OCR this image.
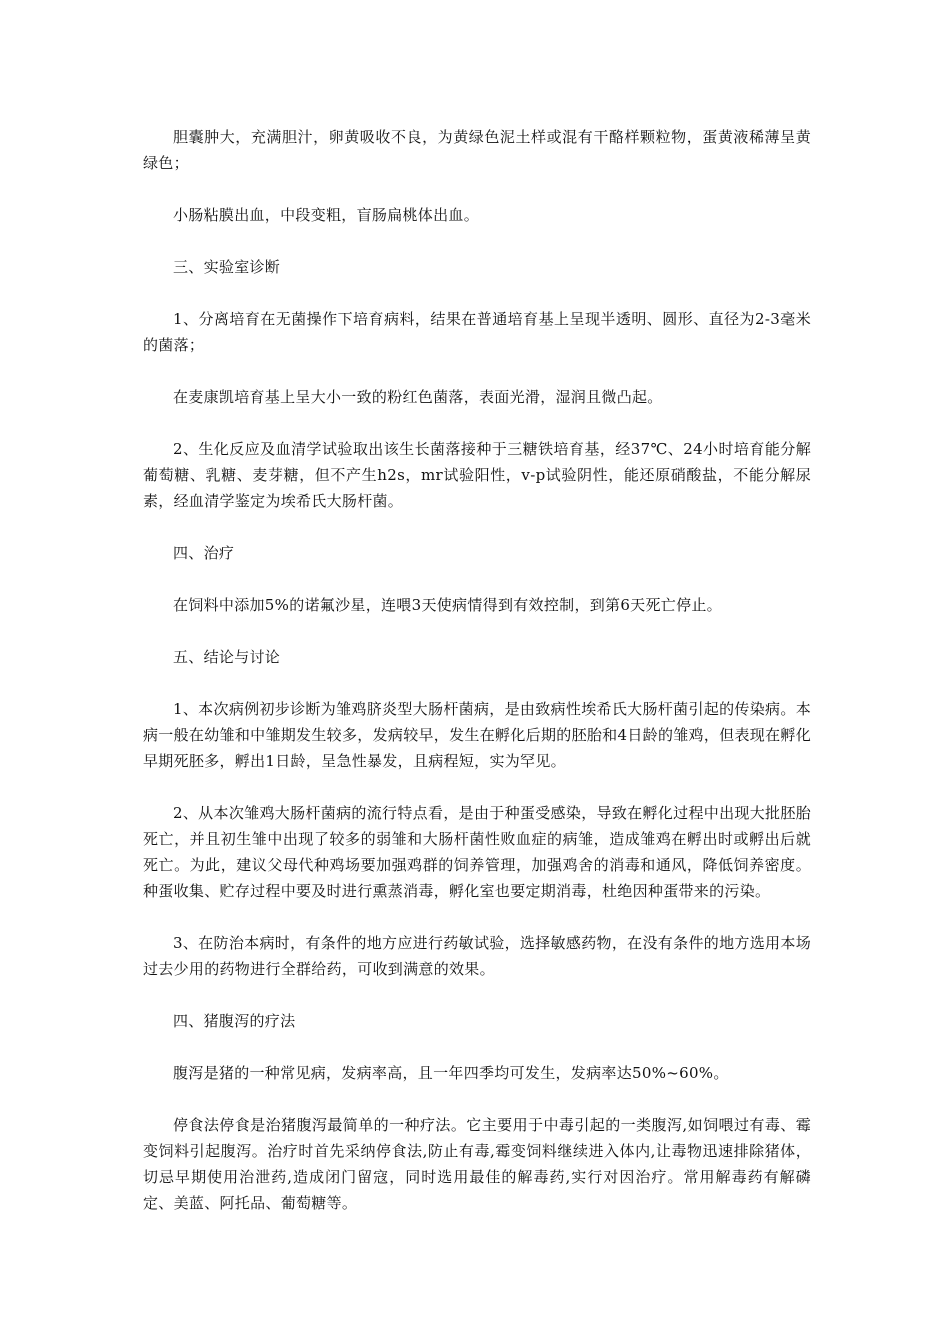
胆囊肿大，充满胆汁，卵黄吸收不良，为黄绿色泥土样或混有干酪样颗粒物，蛋黄液稀薄呈黄绿色；

小肠粘膜出血，中段变粗，盲肠扁桃体出血。

三、实验室诊断

1、分离培育在无菌操作下培育病料，结果在普通培育基上呈现半透明、圆形、直径为2-3毫米的菌落；

在麦康凯培育基上呈大小一致的粉红色菌落，表面光滑，湿润且微凸起。

2、生化反应及血清学试验取出该生长菌落接种于三糖铁培育基，经37℃、24小时培育能分解葡萄糖、乳糖、麦芽糖，但不产生h2s，mr试验阳性，v-p试验阴性，能还原硝酸盐，不能分解尿素，经血清学鉴定为埃希氏大肠杆菌。

四、治疗

在饲料中添加5%的诺氟沙星，连喂3天使病情得到有效控制，到第6天死亡停止。

五、结论与讨论

1、本次病例初步诊断为雏鸡脐炎型大肠杆菌病，是由致病性埃希氏大肠杆菌引起的传染病。本病一般在幼雏和中雏期发生较多，发病较早，发生在孵化后期的胚胎和4日龄的雏鸡，但表现在孵化早期死胚多，孵出1日龄，呈急性暴发，且病程短，实为罕见。

2、从本次雏鸡大肠杆菌病的流行特点看，是由于种蛋受感染，导致在孵化过程中出现大批胚胎死亡，并且初生雏中出现了较多的弱雏和大肠杆菌性败血症的病雏，造成雏鸡在孵出时或孵出后就死亡。为此，建议父母代种鸡场要加强鸡群的饲养管理，加强鸡舍的消毒和通风，降低饲养密度。种蛋收集、贮存过程中要及时进行熏蒸消毒，孵化室也要定期消毒，杜绝因种蛋带来的污染。

3、在防治本病时，有条件的地方应进行药敏试验，选择敏感药物，在没有条件的地方选用本场过去少用的药物进行全群给药，可收到满意的效果。

四、猪腹泻的疗法

腹泻是猪的一种常见病，发病率高，且一年四季均可发生，发病率达50%~60%。

停食法停食是治猪腹泻最简单的一种疗法。它主要用于中毒引起的一类腹泻,如饲喂过有毒、霉变饲料引起腹泻。治疗时首先采纳停食法,防止有毒,霉变饲料继续进入体内,让毒物迅速排除猪体，切忌早期使用治泄药,造成闭门留寇，同时选用最佳的解毒药,实行对因治疗。常用解毒药有解磷定、美蓝、阿托品、葡萄糖等。
